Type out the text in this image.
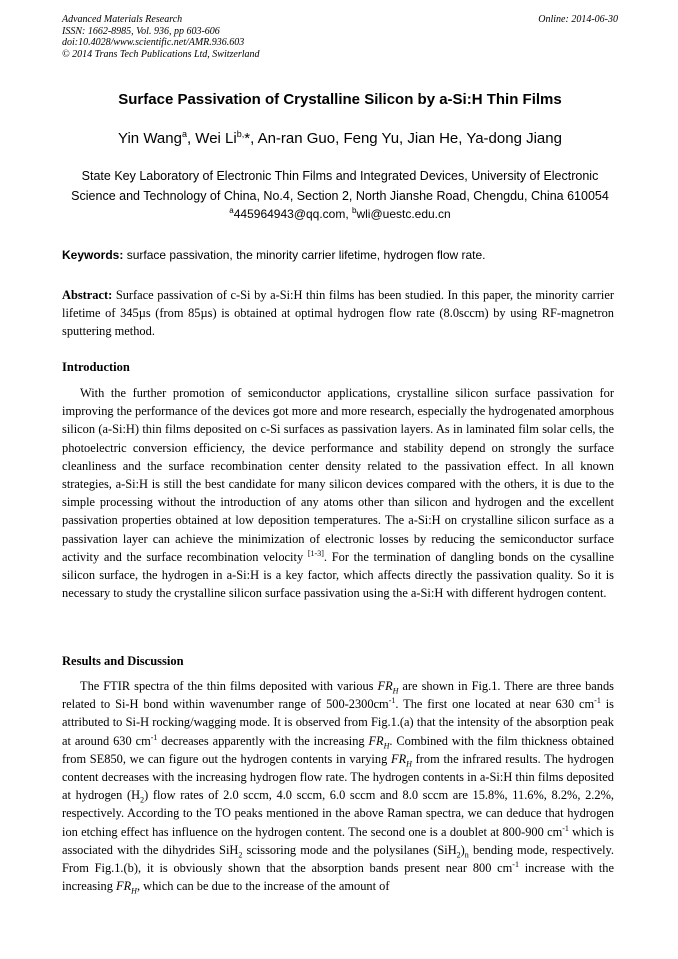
Advanced Materials Research
ISSN: 1662-8985, Vol. 936, pp 603-606
doi:10.4028/www.scientific.net/AMR.936.603
© 2014 Trans Tech Publications Ltd, Switzerland
Online: 2014-06-30
Surface Passivation of Crystalline Silicon by a-Si:H Thin Films
Yin Wang$^a$, Wei $Li^{b,}*$, An-ran Guo, Feng Yu, Jian He, Ya-dong Jiang
State Key Laboratory of Electronic Thin Films and Integrated Devices, University of Electronic
Science and Technology of China, No.4, Section 2, North Jianshe Road, Chengdu, China 610054
$^a$445964943@qq.com, $^b$wli@uestc.edu.cn
Keywords: surface passivation, the minority carrier lifetime, hydrogen flow rate.
Abstract: Surface passivation of c-Si by a-Si:H thin films has been studied. In this paper, the minority carrier lifetime of 345µs (from 85µs) is obtained at optimal hydrogen flow rate (8.0sccm) by using RF-magnetron sputtering method.
Introduction
With the further promotion of semiconductor applications, crystalline silicon surface passivation for improving the performance of the devices got more and more research, especially the hydrogenated amorphous silicon (a-Si:H) thin films deposited on c-Si surfaces as passivation layers. As in laminated film solar cells, the photoelectric conversion efficiency, the device performance and stability depend on strongly the surface cleanliness and the surface recombination center density related to the passivation effect. In all known strategies, a-Si:H is still the best candidate for many silicon devices compared with the others, it is due to the simple processing without the introduction of any atoms other than silicon and hydrogen and the excellent passivation properties obtained at low deposition temperatures. The a-Si:H on crystalline silicon surface as a passivation layer can achieve the minimization of electronic losses by reducing the semiconductor surface activity and the surface recombination velocity [1-3]. For the termination of dangling bonds on the cysalline silicon surface, the hydrogen in a-Si:H is a key factor, which affects directly the passivation quality. So it is necessary to study the crystalline silicon surface passivation using the a-Si:H with different hydrogen content.
Results and Discussion
The FTIR spectra of the thin films deposited with various $FR_H$ are shown in Fig.1. There are three bands related to Si-H bond within wavenumber range of $500-2300cm^{-1}$. The first one located at near 630 $cm^{-1}$ is attributed to Si-H rocking/wagging mode. It is observed from Fig.1.(a) that the intensity of the absorption peak at around 630 $cm^{-1}$ decreases apparently with the increasing $FR_H$. Combined with the film thickness obtained from SE850, we can figure out the hydrogen contents in varying $FR_H$ from the infrared results. The hydrogen content decreases with the increasing hydrogen flow rate. The hydrogen contents in a-Si:H thin films deposited at hydrogen $(H_2)$ flow rates of 2.0 sccm, 4.0 sccm, 6.0 sccm and 8.0 sccm are 15.8%, 11.6%, 8.2%, 2.2%, respectively. According to the TO peaks mentioned in the above Raman spectra, we can deduce that hydrogen ion etching effect has influence on the hydrogen content. The second one is a doublet at 800-900 $cm^{-1}$ which is associated with the dihydrides SiH$_2$ scissoring mode and the polysilanes $(SiH_2)_n$ bending mode, respectively. From Fig.1.(b), it is obviously shown that the absorption bands present near 800 $cm^{-1}$ increase with the increasing $FR_H$, which can be due to the increase of the amount of
